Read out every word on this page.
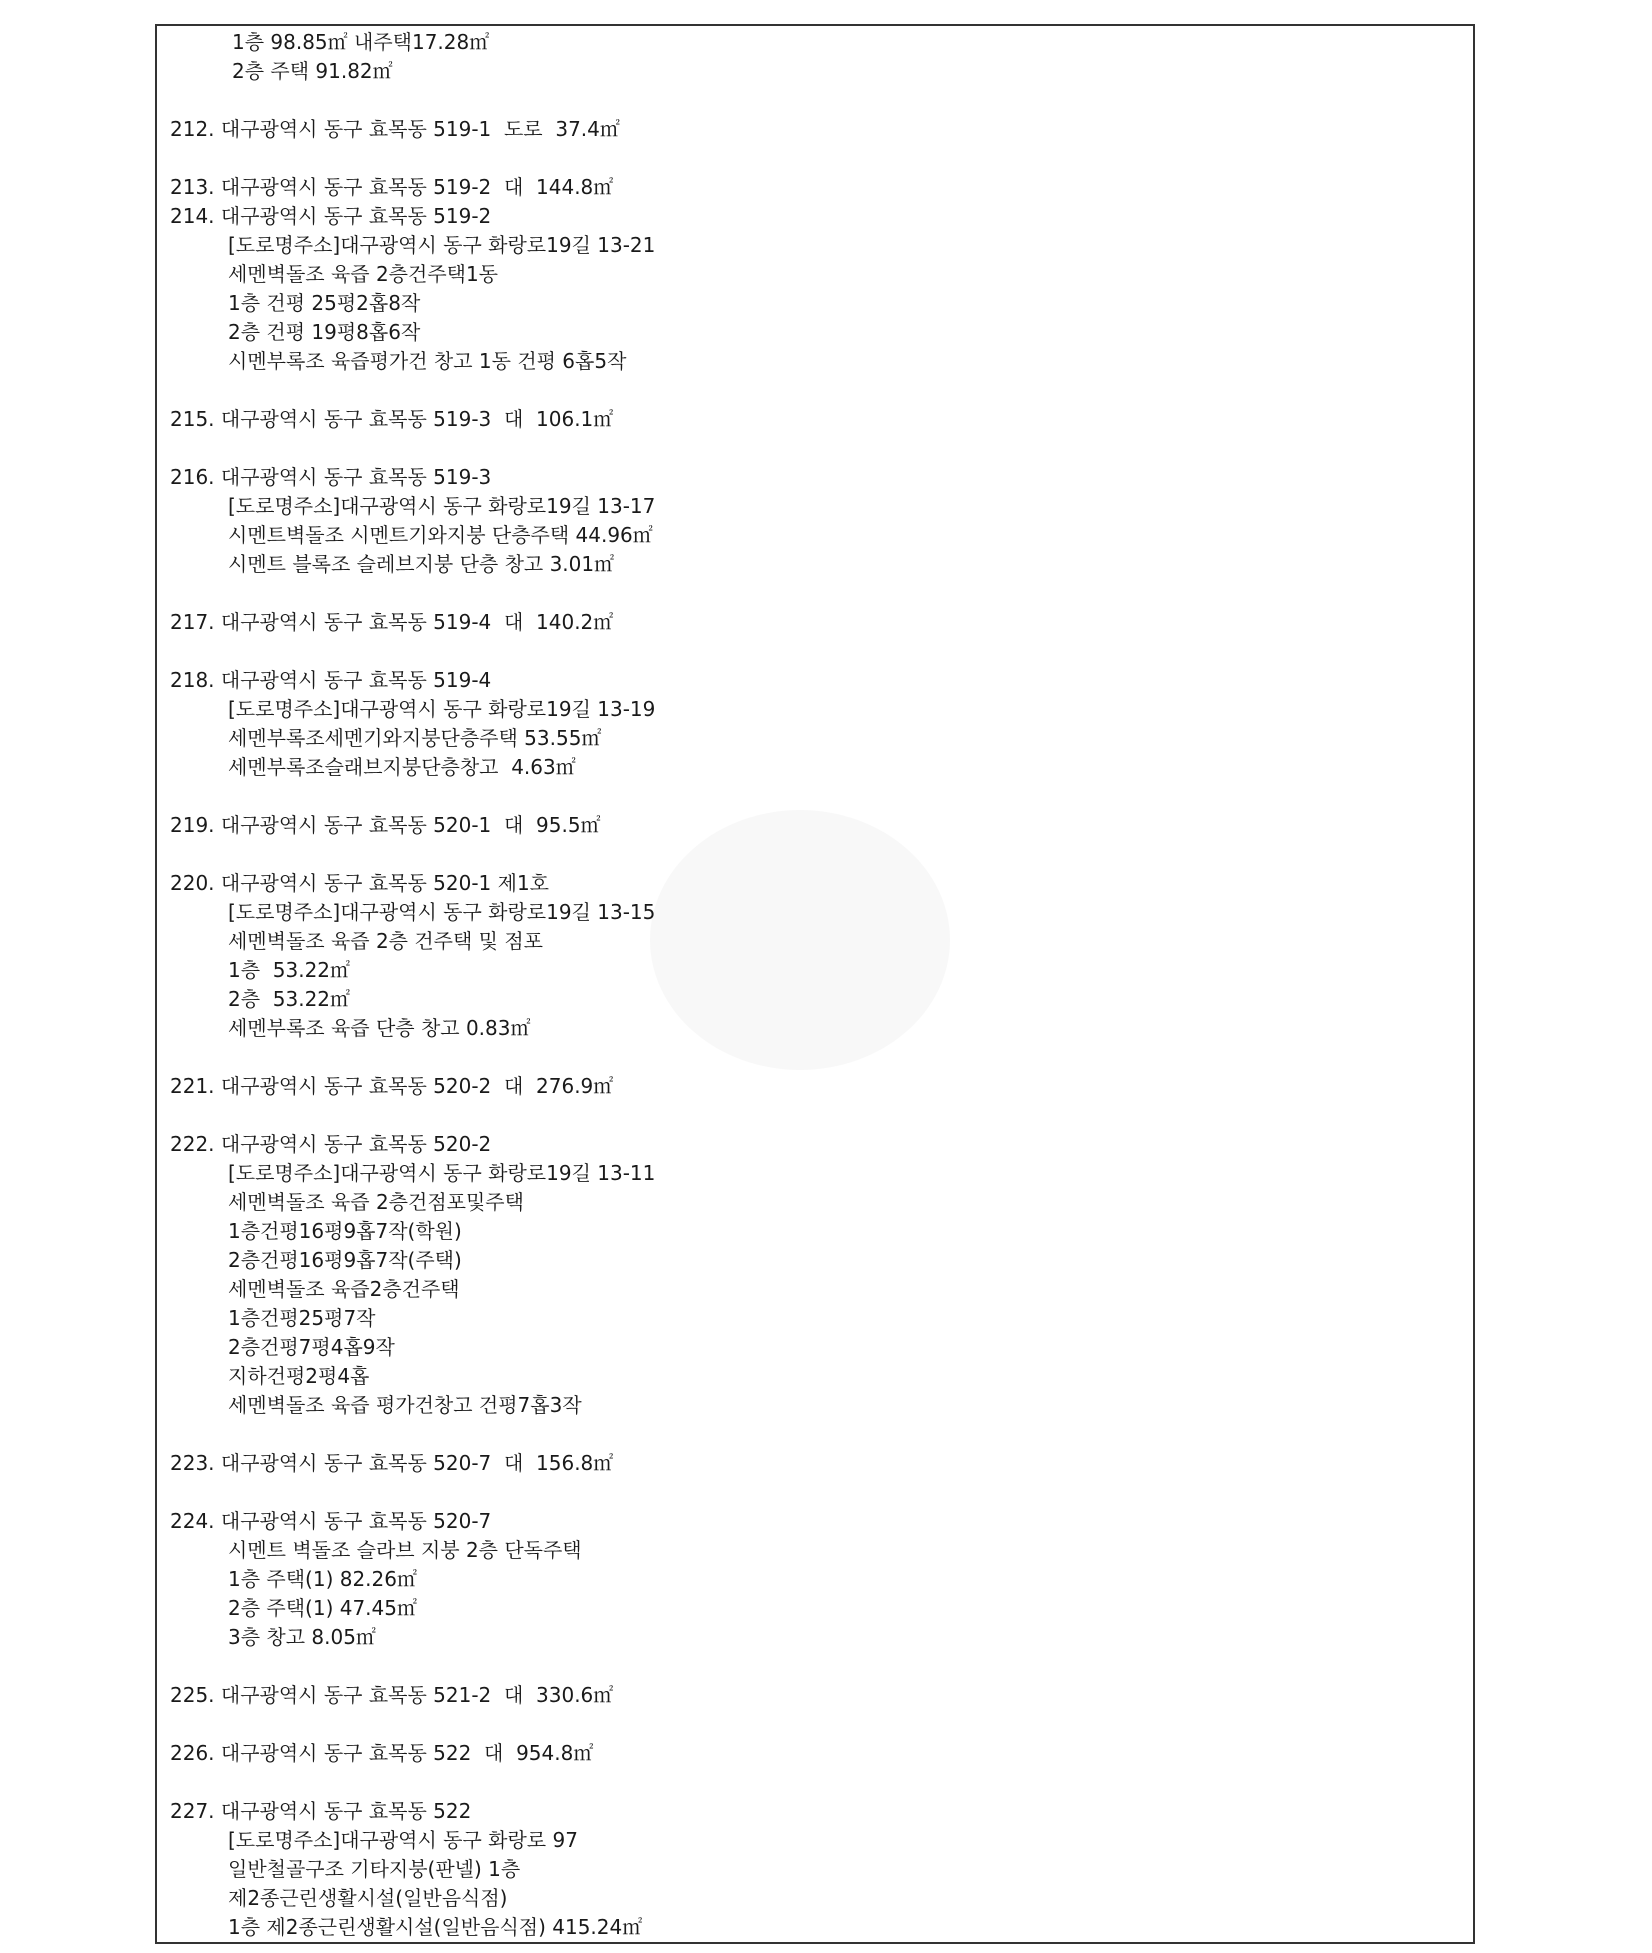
1층 98.85㎡ 내주택17.28㎡
2층 주택 91.82㎡
212. 대구광역시 동구 효목동 519-1  도로  37.4㎡
213. 대구광역시 동구 효목동 519-2  대  144.8㎡
214. 대구광역시 동구 효목동 519-2
[도로명주소]대구광역시 동구 화랑로19길 13-21
세멘벽돌조 육즙 2층건주택1동
1층 건평 25평2홉8작
2층 건평 19평8홉6작
시멘부록조 육즙평가건 창고 1동 건평 6홉5작
215. 대구광역시 동구 효목동 519-3  대  106.1㎡
216. 대구광역시 동구 효목동 519-3
[도로명주소]대구광역시 동구 화랑로19길 13-17
시멘트벽돌조 시멘트기와지붕 단층주택 44.96㎡
시멘트 블록조 슬레브지붕 단층 창고 3.01㎡
217. 대구광역시 동구 효목동 519-4  대  140.2㎡
218. 대구광역시 동구 효목동 519-4
[도로명주소]대구광역시 동구 화랑로19길 13-19
세멘부록조세멘기와지붕단층주택 53.55㎡
세멘부록조슬래브지붕단층창고  4.63㎡
219. 대구광역시 동구 효목동 520-1  대  95.5㎡
220. 대구광역시 동구 효목동 520-1 제1호
[도로명주소]대구광역시 동구 화랑로19길 13-15
세멘벽돌조 육즙 2층 건주택 및 점포
1층  53.22㎡
2층  53.22㎡
세멘부록조 육즙 단층 창고 0.83㎡
221. 대구광역시 동구 효목동 520-2  대  276.9㎡
222. 대구광역시 동구 효목동 520-2
[도로명주소]대구광역시 동구 화랑로19길 13-11
세멘벽돌조 육즙 2층건점포및주택
1층건평16평9홉7작(학원)
2층건평16평9홉7작(주택)
세멘벽돌조 육즙2층건주택
1층건평25평7작
2층건평7평4홉9작
지하건평2평4홉
세멘벽돌조 육즙 평가건창고 건평7홉3작
223. 대구광역시 동구 효목동 520-7  대  156.8㎡
224. 대구광역시 동구 효목동 520-7
시멘트 벽돌조 슬라브 지붕 2층 단독주택
1층 주택(1) 82.26㎡
2층 주택(1) 47.45㎡
3층 창고 8.05㎡
225. 대구광역시 동구 효목동 521-2  대  330.6㎡
226. 대구광역시 동구 효목동 522  대  954.8㎡
227. 대구광역시 동구 효목동 522
[도로명주소]대구광역시 동구 화랑로 97
일반철골구조 기타지붕(판넬) 1층
제2종근린생활시설(일반음식점)
1층 제2종근린생활시설(일반음식점) 415.24㎡
